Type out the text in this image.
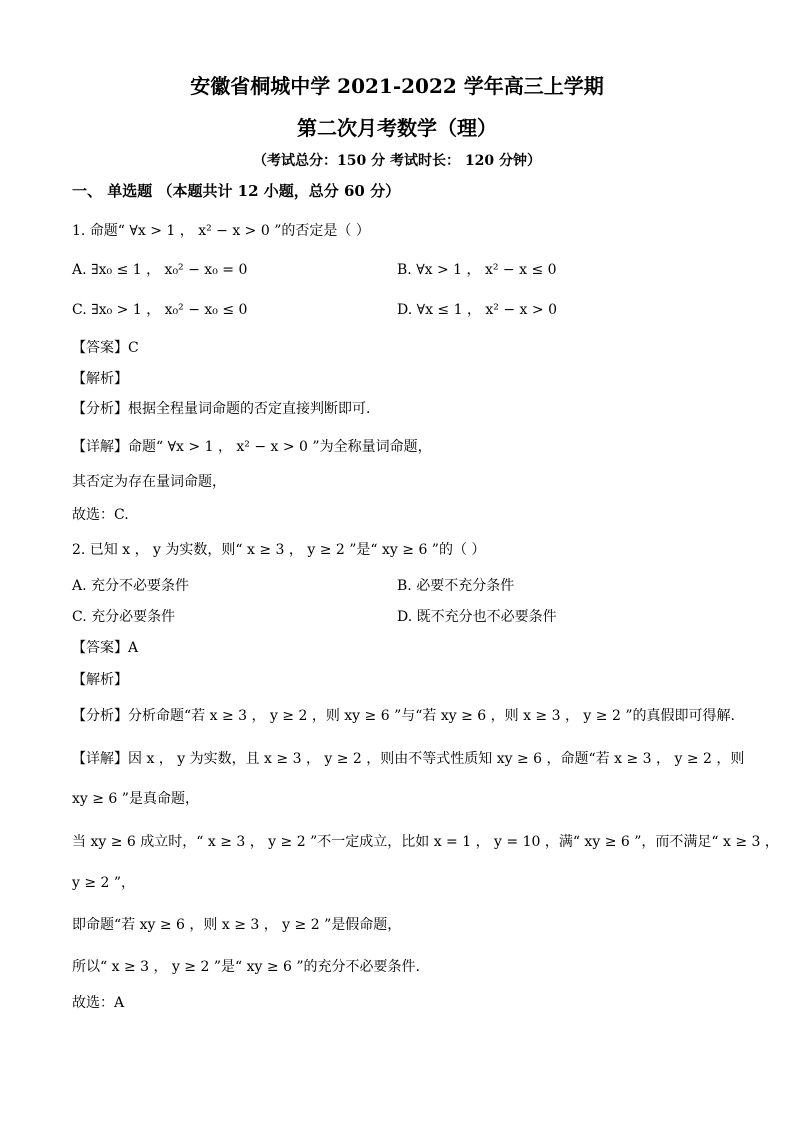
安徽省桐城中学 2021-2022 学年高三上学期
第二次月考数学（理）
（考试总分：150 分 考试时长： 120 分钟）
一、 单选题 （本题共计 12 小题，总分 60 分）
1. 命题“ ∀x > 1 ， x² − x > 0 ”的否定是（ ）
A. ∃x₀ ≤ 1 ， x₀² − x₀ = 0	B. ∀x > 1 ， x² − x ≤ 0
C. ∃x₀ > 1 ， x₀² − x₀ ≤ 0	D. ∀x ≤ 1 ， x² − x > 0
【答案】C
【解析】
【分析】根据全程量词命题的否定直接判断即可.
【详解】命题“ ∀x > 1 ， x² − x > 0 ”为全称量词命题，
其否定为存在量词命题，
故选：C.
2. 已知 x ， y 为实数，则“ x ≥ 3 ， y ≥ 2 ”是“ xy ≥ 6 ”的（ ）
A. 充分不必要条件	B. 必要不充分条件
C. 充分必要条件	D. 既不充分也不必要条件
【答案】A
【解析】
【分析】分析命题“若 x ≥ 3 ， y ≥ 2 ，则 xy ≥ 6 ”与“若 xy ≥ 6 ，则 x ≥ 3 ， y ≥ 2 ”的真假即可得解.
【详解】因 x ， y 为实数，且 x ≥ 3 ， y ≥ 2 ，则由不等式性质知 xy ≥ 6 ，命题“若 x ≥ 3 ， y ≥ 2 ，则
xy ≥ 6 ”是真命题，
当 xy ≥ 6 成立时，“ x ≥ 3 ， y ≥ 2 ”不一定成立，比如 x = 1 ， y = 10 ，满“ xy ≥ 6 ”，而不满足“ x ≥ 3 ，
y ≥ 2 ”，
即命题“若 xy ≥ 6 ，则 x ≥ 3 ， y ≥ 2 ”是假命题，
所以“ x ≥ 3 ， y ≥ 2 ”是“ xy ≥ 6 ”的充分不必要条件.
故选：A
